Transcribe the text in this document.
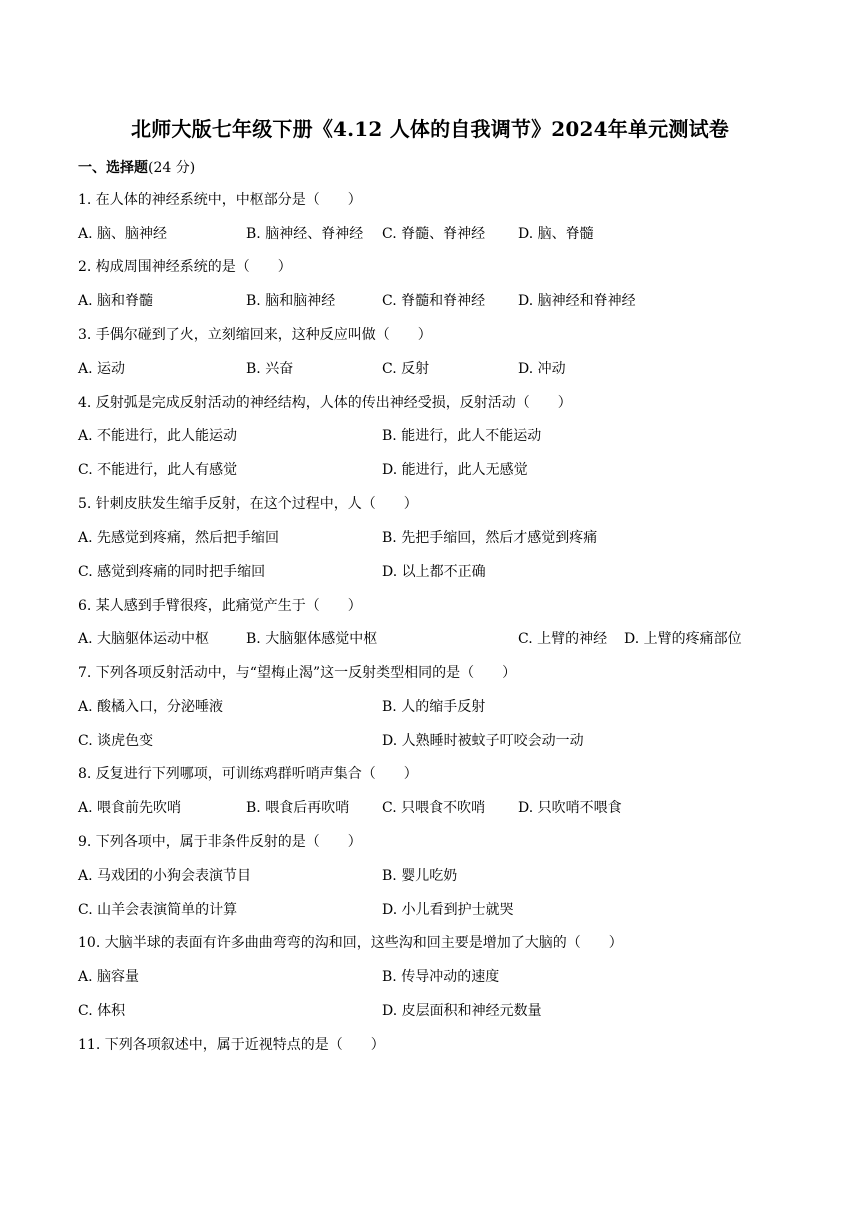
北师大版七年级下册《4.12 人体的自我调节》2024年单元测试卷
一、选择题(24 分)
1. 在人体的神经系统中，中枢部分是（　　）
A. 脑、脑神经	B. 脑神经、脊神经 C. 脊髓、脊神经 D. 脑、脊髓
2. 构成周围神经系统的是（　　）
A. 脑和脊髓	B. 脑和脑神经	C. 脊髓和脊神经 D. 脑神经和脊神经
3. 手偶尔碰到了火，立刻缩回来，这种反应叫做（　　）
A. 运动	B. 兴奋	C. 反射	D. 冲动
4. 反射弧是完成反射活动的神经结构，人体的传出神经受损，反射活动（　　）
A. 不能进行，此人能运动	B. 能进行，此人不能运动
C. 不能进行，此人有感觉	D. 能进行，此人无感觉
5. 针刺皮肤发生缩手反射，在这个过程中，人（　　）
A. 先感觉到疼痛，然后把手缩回	B. 先把手缩回，然后才感觉到疼痛
C. 感觉到疼痛的同时把手缩回	D. 以上都不正确
6. 某人感到手臂很疼，此痛觉产生于（　　）
A. 大脑躯体运动中枢	B. 大脑躯体感觉中枢	C. 上臂的神经 D. 上臂的疼痛部位
7. 下列各项反射活动中，与“望梅止渴”这一反射类型相同的是（　　）
A. 酸橘入口，分泌唾液	B. 人的缩手反射
C. 谈虎色变	D. 人熟睡时被蚊子叮咬会动一动
8. 反复进行下列哪项，可训练鸡群听哨声集合（　　）
A. 喂食前先吹哨	B. 喂食后再吹哨 C. 只喂食不吹哨 D. 只吹哨不喂食
9. 下列各项中，属于非条件反射的是（　　）
A. 马戏团的小狗会表演节目	B. 婴儿吃奶
C. 山羊会表演简单的计算	D. 小儿看到护士就哭
10. 大脑半球的表面有许多曲曲弯弯的沟和回，这些沟和回主要是增加了大脑的（　　）
A. 脑容量	B. 传导冲动的速度
C. 体积	D. 皮层面积和神经元数量
11. 下列各项叙述中，属于近视特点的是（　　）
